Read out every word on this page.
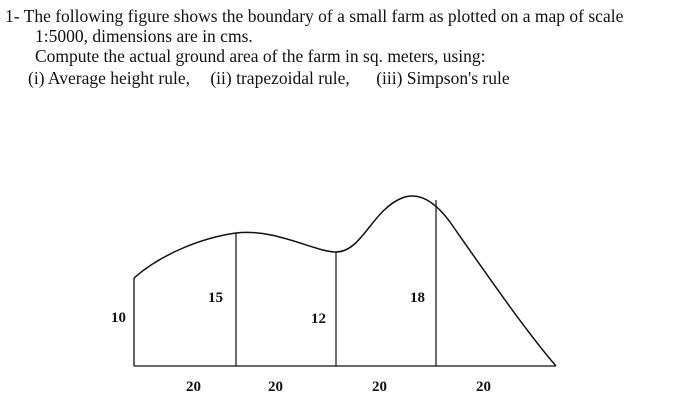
1- The following figure shows the boundary of a small farm as plotted on a map of scale
1:5000, dimensions are in cms.
Compute the actual ground area of the farm in sq. meters, using:
(i) Average height rule, (ii) trapezoidal rule, (iii) Simpson's rule
10
15
12
18
20	20	20	20
